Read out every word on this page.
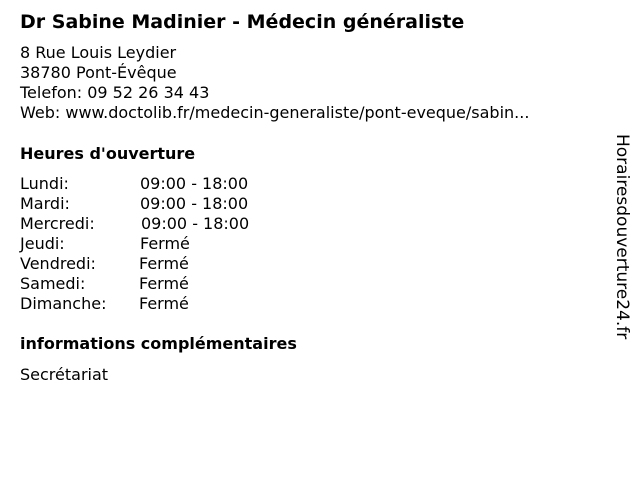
Dr Sabine Madinier - Médecin généraliste
8 Rue Louis Leydier
38780 Pont-Évêque
Telefon: 09 52 26 34 43
Web: www.doctolib.fr/medecin-generaliste/pont-eveque/sabin...
Heures d'ouverture
Lundi:	09:00 - 18:00
Mardi:	09:00 - 18:00
Mercredi:	09:00 - 18:00
Jeudi:	Fermé
Vendredi:	Fermé
Samedi:	Fermé
Dimanche:	Fermé
informations complémentaires
Secrétariat
Horairesdouverture24.fr
